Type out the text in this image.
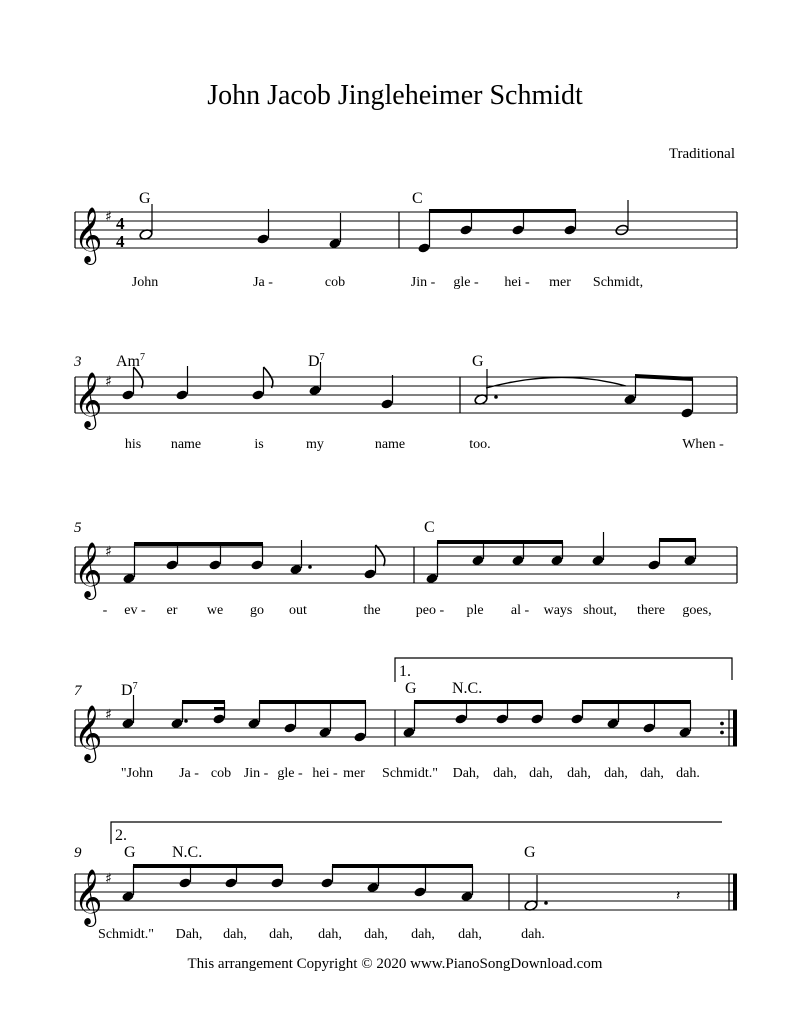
John Jacob Jingleheimer Schmidt
Traditional
𝄞 ♯ 4
4
G	C
John	Ja -	cob	Jin - gle - hei - mer Schmidt,
𝄞 ♯
3 Am$^7$	$D^7$	G
his name	is	my	name	too.	When -
𝄞 ♯
5	C
- ev - er we go out	the	peo - ple al - ways shout, there goes,
𝄞 ♯
7 $D^7$
1.
G N.C.
"John Ja - cob Jin - gle - hei - mer Schmidt." Dah, dah, dah, dah, dah, dah, dah.
𝄞 ♯
9
2.
G N.C.	G
𝄽
Schmidt." Dah, dah, dah, dah, dah, dah, dah,	dah.
This arrangement Copyright © 2020 www.PianoSongDownload.com
